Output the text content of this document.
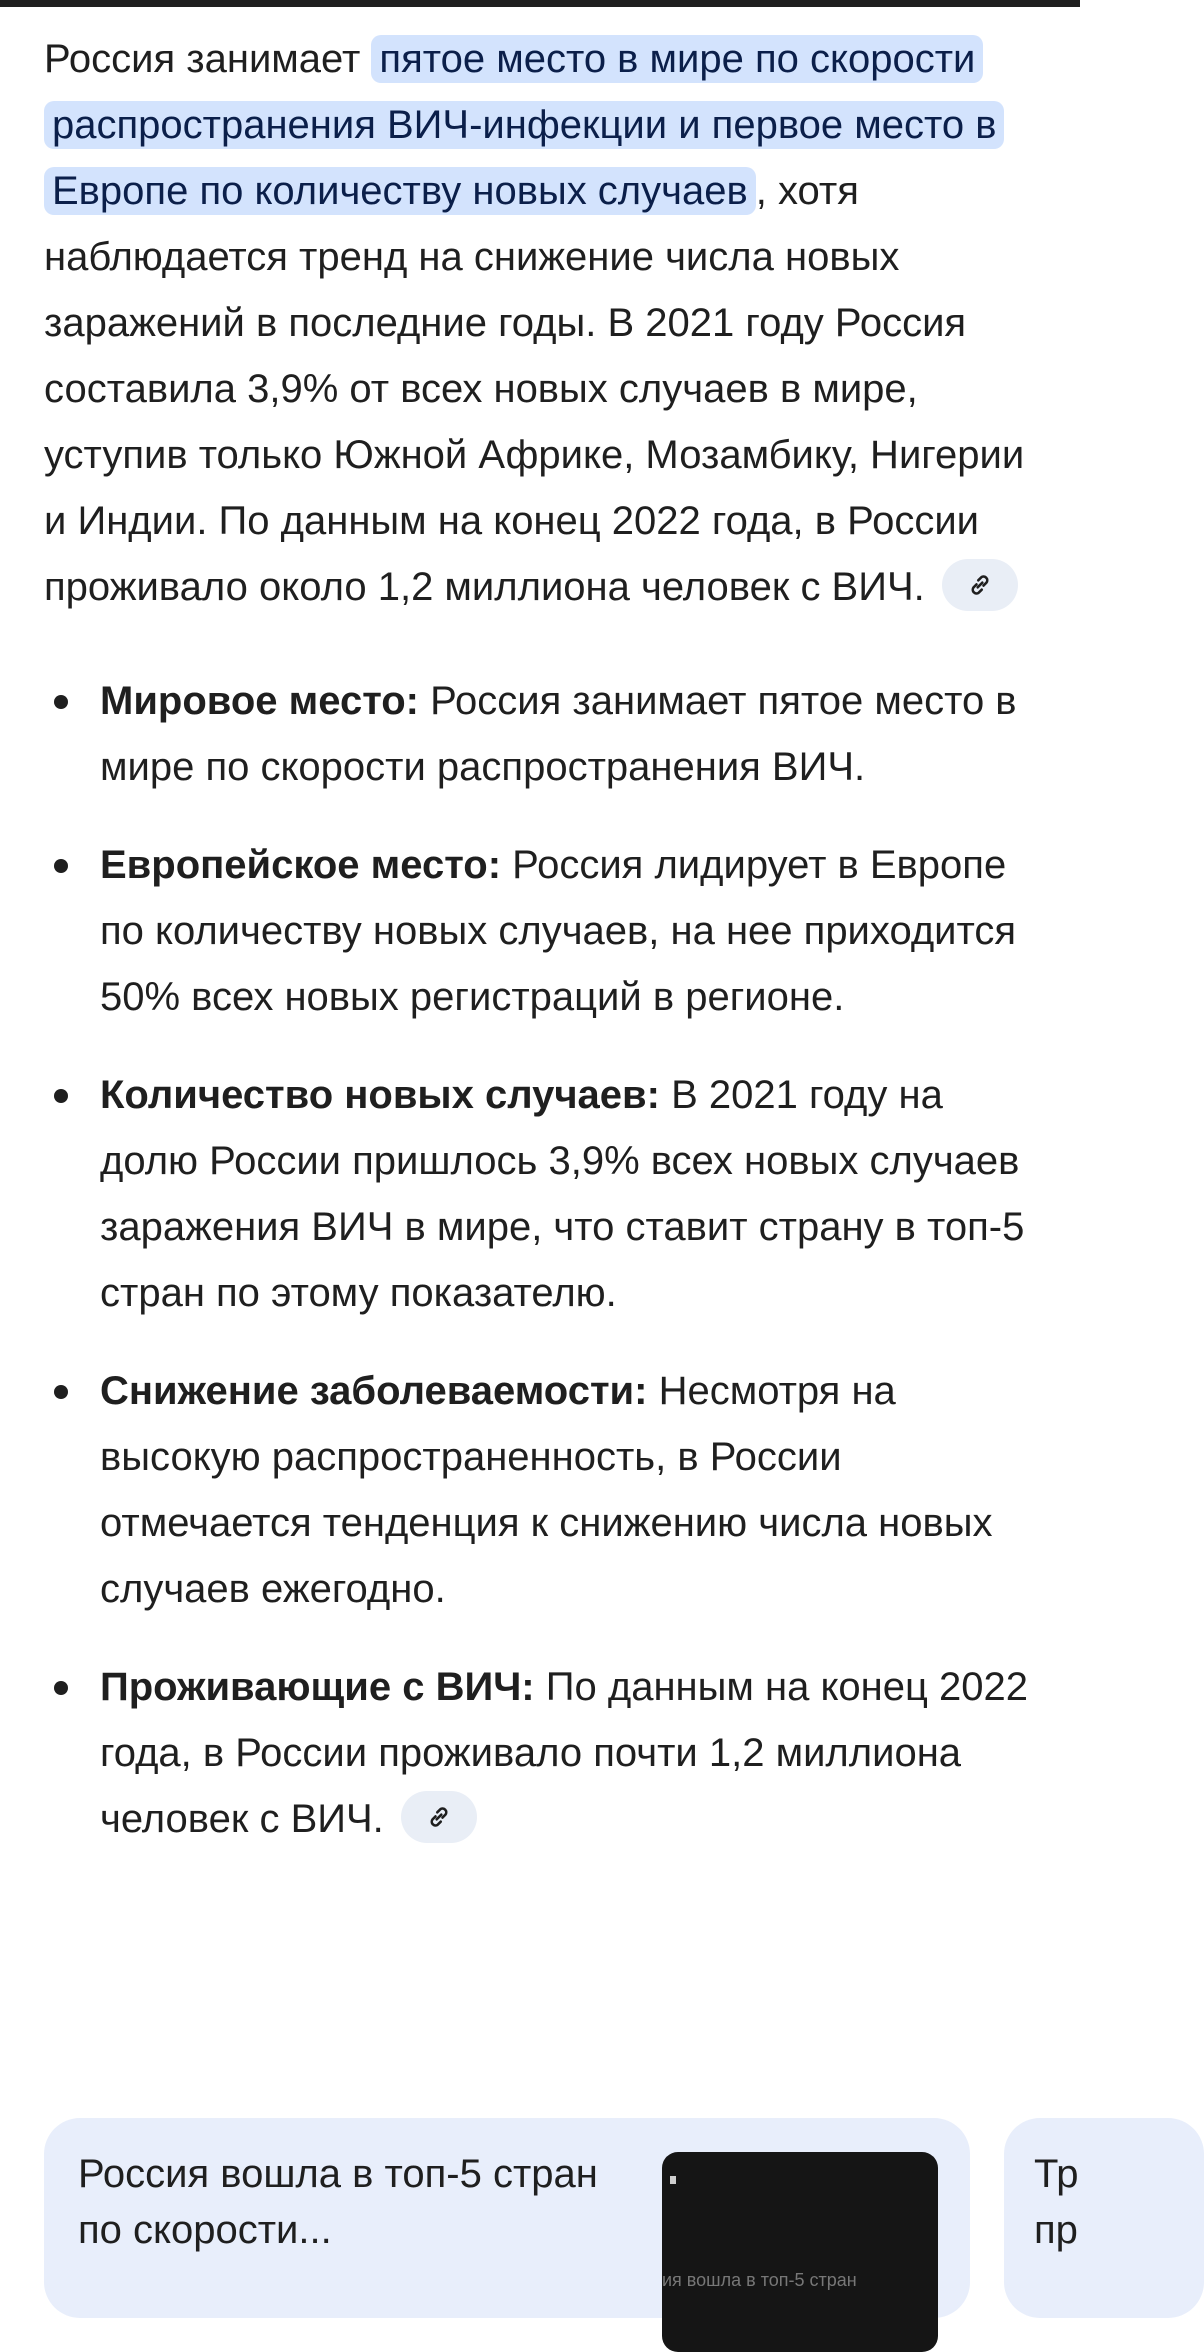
Россия занимает пятое место в мире по скорости распространения ВИЧ-инфекции и первое место в Европе по количеству новых случаев , хотя наблюдается тренд на снижение числа новых заражений в последние годы. В 2021 году Россия составила 3,9% от всех новых случаев в мире, уступив только Южной Африке, Мозамбику, Нигерии и Индии. По данным на конец 2022 года, в России проживало около 1,2 миллиона человек с ВИЧ.

Мировое место: Россия занимает пятое место в мире по скорости распространения ВИЧ.
Европейское место: Россия лидирует в Европе по количеству новых случаев, на нее приходится 50% всех новых регистраций в регионе.
Количество новых случаев: В 2021 году на долю России пришлось 3,9% всех новых случаев заражения ВИЧ в мире, что ставит страну в топ-5 стран по этому показателю.
Снижение заболеваемости: Несмотря на высокую распространенность, в России отмечается тенденция к снижению числа новых случаев ежегодно.
Проживающие с ВИЧ: По данным на конец 2022 года, в России проживало почти 1,2 миллиона человек с ВИЧ.
Россия вошла в топ-5 стран по скорости...
ия вошла в топ-5 стран
Тр
пр
